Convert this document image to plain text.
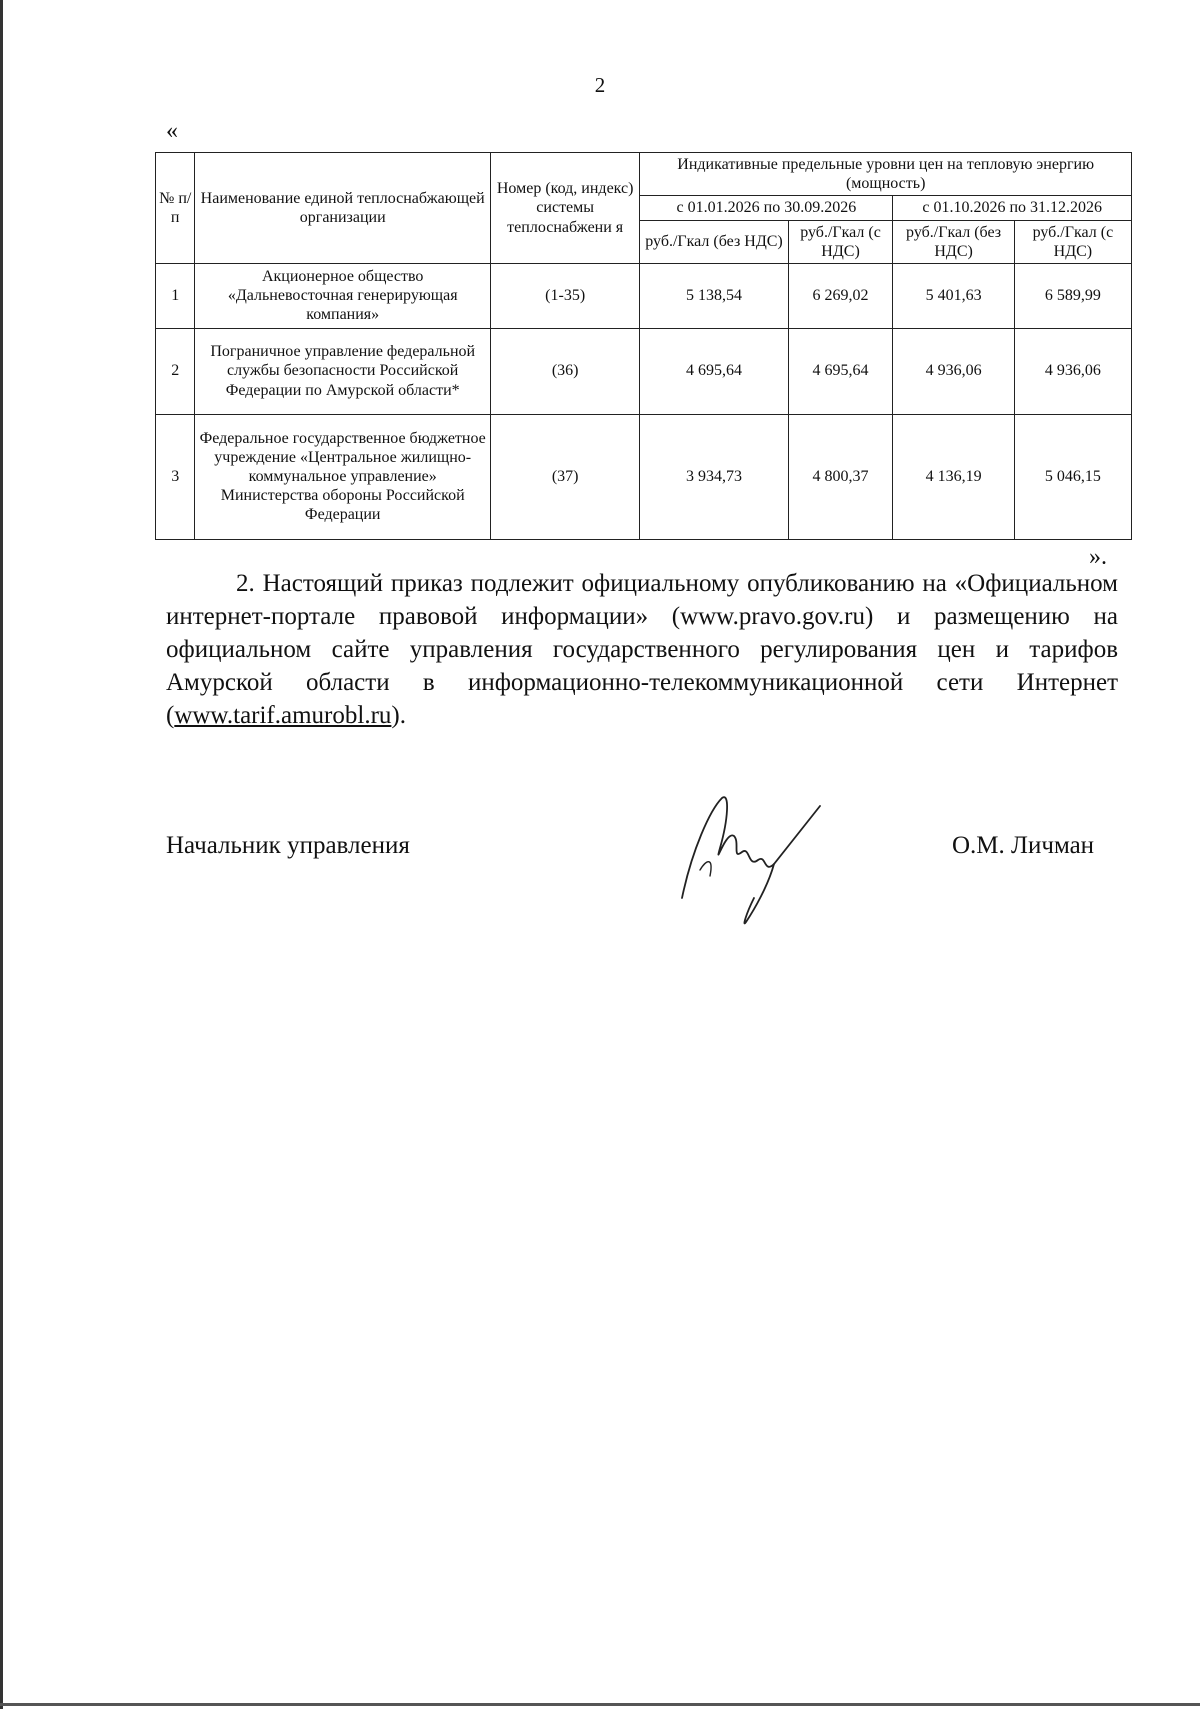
2
«
№ п/п	Наименование единой теплоснабжающей организации	Номер (код, индекс) системы теплоснабжени я	Индикативные предельные уровни цен на тепловую энергию (мощность)			
			с 01.01.2026 по 30.09.2026		с 01.10.2026 по 31.12.2026	
			руб./Гкал (без НДС)	руб./Гкал (с НДС)	руб./Гкал (без НДС)	руб./Гкал (с НДС)
1	Акционерное общество «Дальневосточная генерирующая компания»	(1-35)	5 138,54	6 269,02	5 401,63	6 589,99
2	Пограничное управление федеральной службы безопасности Российской Федерации по Амурской области*	(36)	4 695,64	4 695,64	4 936,06	4 936,06
3	Федеральное государственное бюджетное учреждение «Центральное жилищно-коммунальное управление» Министерства обороны Российской Федерации	(37)	3 934,73	4 800,37	4 136,19	5 046,15
».
2. Настоящий приказ подлежит официальному опубликованию на «Официальном интернет-портале правовой информации» (www.pravo.gov.ru) и размещению на официальном сайте управления государственного регулирования цен и тарифов Амурской области в информационно-телекоммуникационной сети Интернет (www.tarif.amurobl.ru).
Начальник управления	О.М. Личман
